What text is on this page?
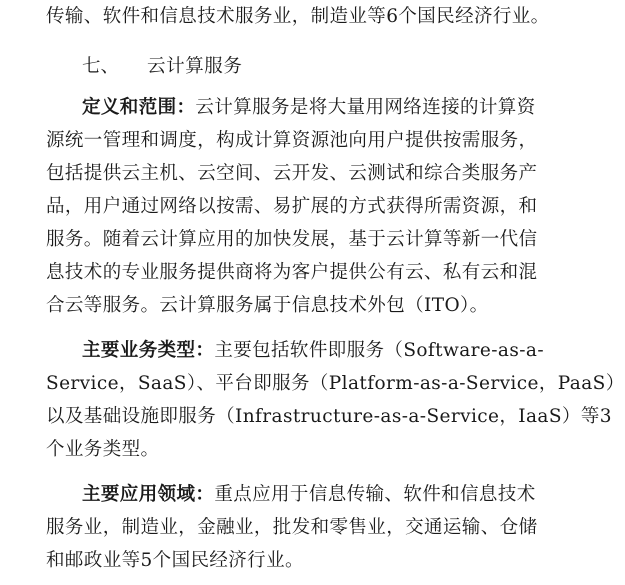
传输、软件和信息技术服务业，制造业等6个国民经济行业。
七、 云计算服务
定义和范围：云计算服务是将大量用网络连接的计算资
源统一管理和调度，构成计算资源池向用户提供按需服务，
包括提供云主机、云空间、云开发、云测试和综合类服务产
品，用户通过网络以按需、易扩展的方式获得所需资源，和
服务。随着云计算应用的加快发展，基于云计算等新一代信
息技术的专业服务提供商将为客户提供公有云、私有云和混
合云等服务。云计算服务属于信息技术外包（ITO）。
主要业务类型：主要包括软件即服务（Software-as-a-
Service，SaaS）、平台即服务（Platform-as-a-Service，PaaS）
以及基础设施即服务（Infrastructure-as-a-Service，IaaS）等3
个业务类型。
主要应用领域：重点应用于信息传输、软件和信息技术
服务业，制造业，金融业，批发和零售业，交通运输、仓储
和邮政业等5个国民经济行业。
